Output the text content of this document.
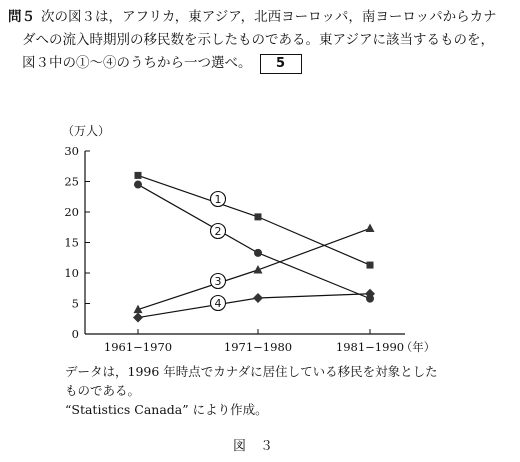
問５ 次の図３は，アフリカ，東アジア，北西ヨーロッパ，南ヨーロッパからカナ
ダへの流入時期別の移民数を示したものである。東アジアに該当するものを，
図３中の①～④のうちから一つ選べ。 5
0
5
10
15
20
25
30
（万人）
1961−1970	1971−1980	1981−1990
（年）
1
2
3
4
データは，1996 年時点でカナダに居住している移民を対象とした
ものである。
“Statistics Canada” により作成。
図３
